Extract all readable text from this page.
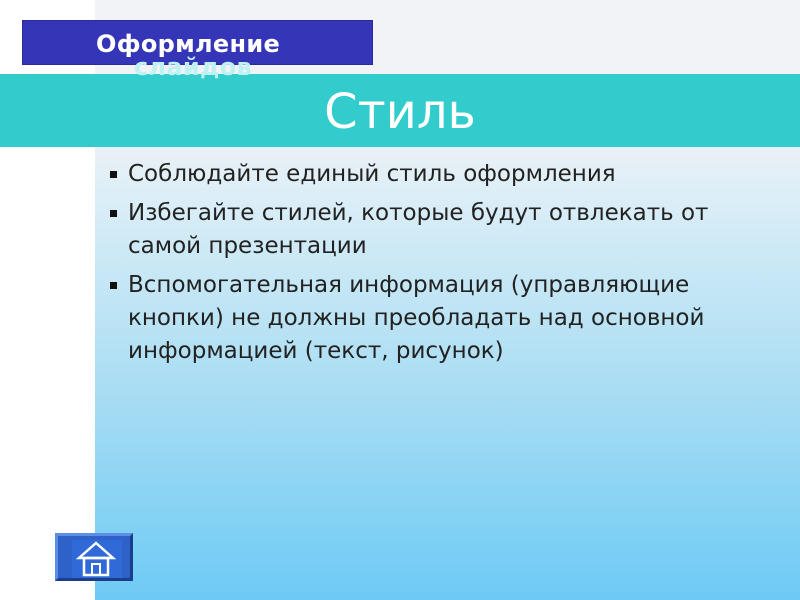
Оформление
слайдов
Стиль
Соблюдайте единый стиль оформления
Избегайте стилей, которые будут отвлекать от самой презентации
Вспомогательная информация (управляющие кнопки) не должны преобладать над основной информацией (текст, рисунок)
